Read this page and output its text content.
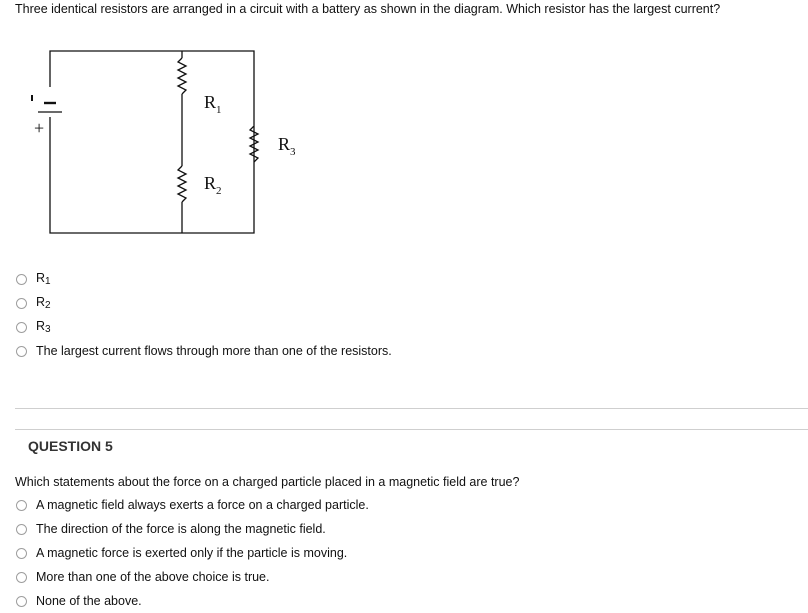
Three identical resistors are arranged in a circuit with a battery as shown in the diagram. Which resistor has the largest current?
+
$R_1$
$R_2$
$R_3$
$R_1$
$R_2$
$R_3$
The largest current flows through more than one of the resistors.
QUESTION 5
Which statements about the force on a charged particle placed in a magnetic field are true?
A magnetic field always exerts a force on a charged particle.
The direction of the force is along the magnetic field.
A magnetic force is exerted only if the particle is moving.
More than one of the above choice is true.
None of the above.
